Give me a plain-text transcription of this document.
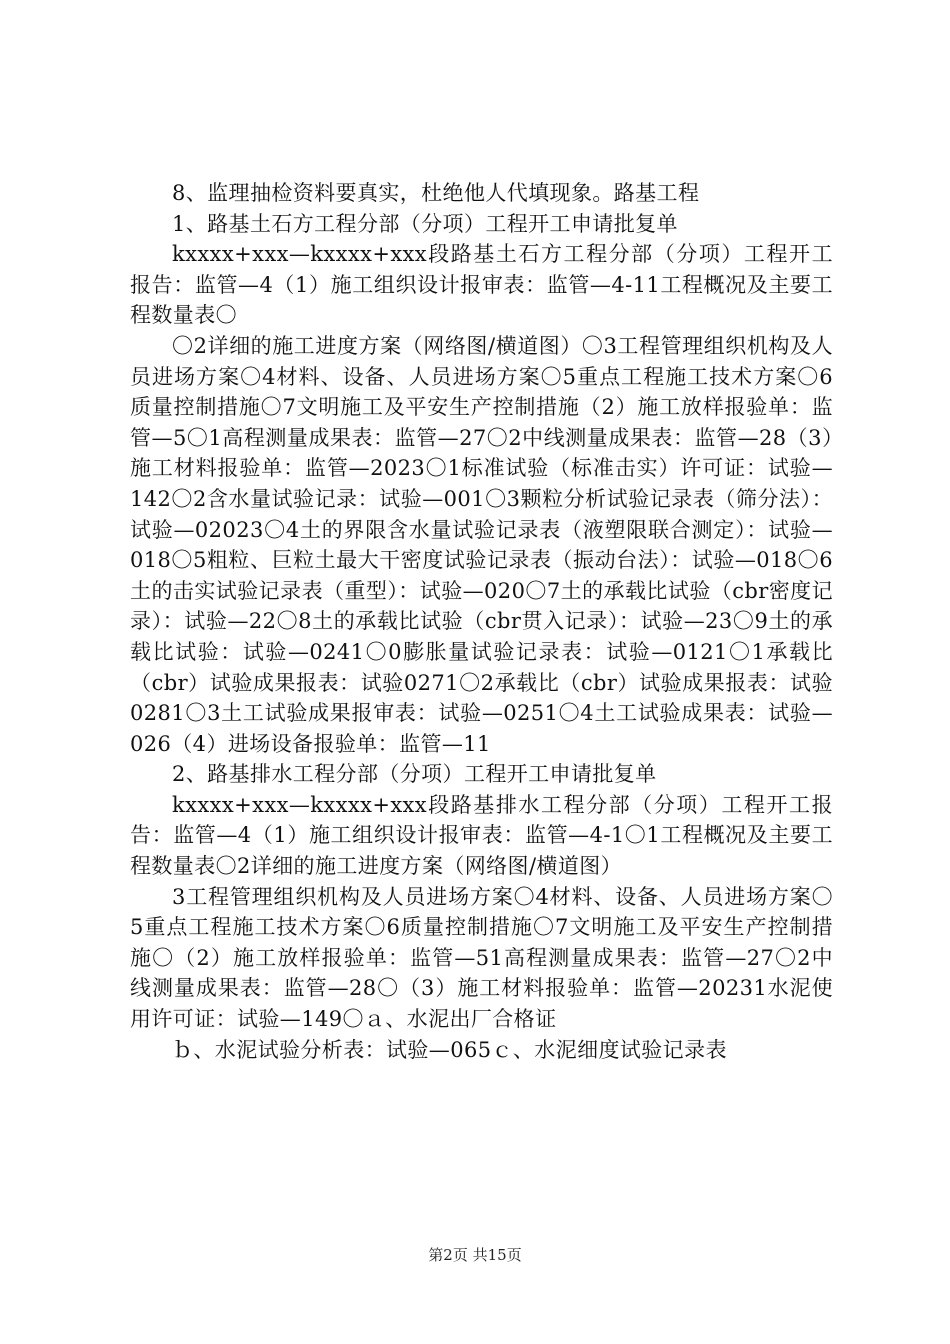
8、监理抽检资料要真实，杜绝他人代填现象。路基工程

1、路基土石方工程分部（分项）工程开工申请批复单

kxxxx+xxx—kxxxx+xxx段路基土石方工程分部（分项）工程开工报告：监管—4（1）施工组织设计报审表：监管—4-11工程概况及主要工程数量表〇

〇2详细的施工进度方案（网络图/横道图）〇3工程管理组织机构及人员进场方案〇4材料、设备、人员进场方案〇5重点工程施工技术方案〇6质量控制措施〇7文明施工及平安生产控制措施（2）施工放样报验单：监管—5〇1高程测量成果表：监管—27〇2中线测量成果表：监管—28（3）施工材料报验单：监管—2023〇1标准试验（标准击实）许可证：试验—142〇2含水量试验记录：试验—001〇3颗粒分析试验记录表（筛分法）：试验—02023〇4土的界限含水量试验记录表（液塑限联合测定）：试验—018〇5粗粒、巨粒土最大干密度试验记录表（振动台法）：试验—018〇6土的击实试验记录表（重型）：试验—020〇7土的承载比试验（cbr密度记录）：试验—22〇8土的承载比试验（cbr贯入记录）：试验—23〇9土的承载比试验：试验—0241〇0膨胀量试验记录表：试验—0121〇1承载比（cbr）试验成果报表：试验0271〇2承载比（cbr）试验成果报表：试验0281〇3土工试验成果报审表：试验—0251〇4土工试验成果表：试验—026（4）进场设备报验单：监管—11

2、路基排水工程分部（分项）工程开工申请批复单

kxxxx+xxx—kxxxx+xxx段路基排水工程分部（分项）工程开工报告：监管—4（1）施工组织设计报审表：监管—4-1〇1工程概况及主要工程数量表〇2详细的施工进度方案（网络图/横道图）

3工程管理组织机构及人员进场方案〇4材料、设备、人员进场方案〇5重点工程施工技术方案〇6质量控制措施〇7文明施工及平安生产控制措施〇（2）施工放样报验单：监管—51高程测量成果表：监管—27〇2中线测量成果表：监管—28〇（3）施工材料报验单：监管—20231水泥使用许可证：试验—149〇ａ、水泥出厂合格证

ｂ、水泥试验分析表：试验—065ｃ、水泥细度试验记录表

第2页 共15页
